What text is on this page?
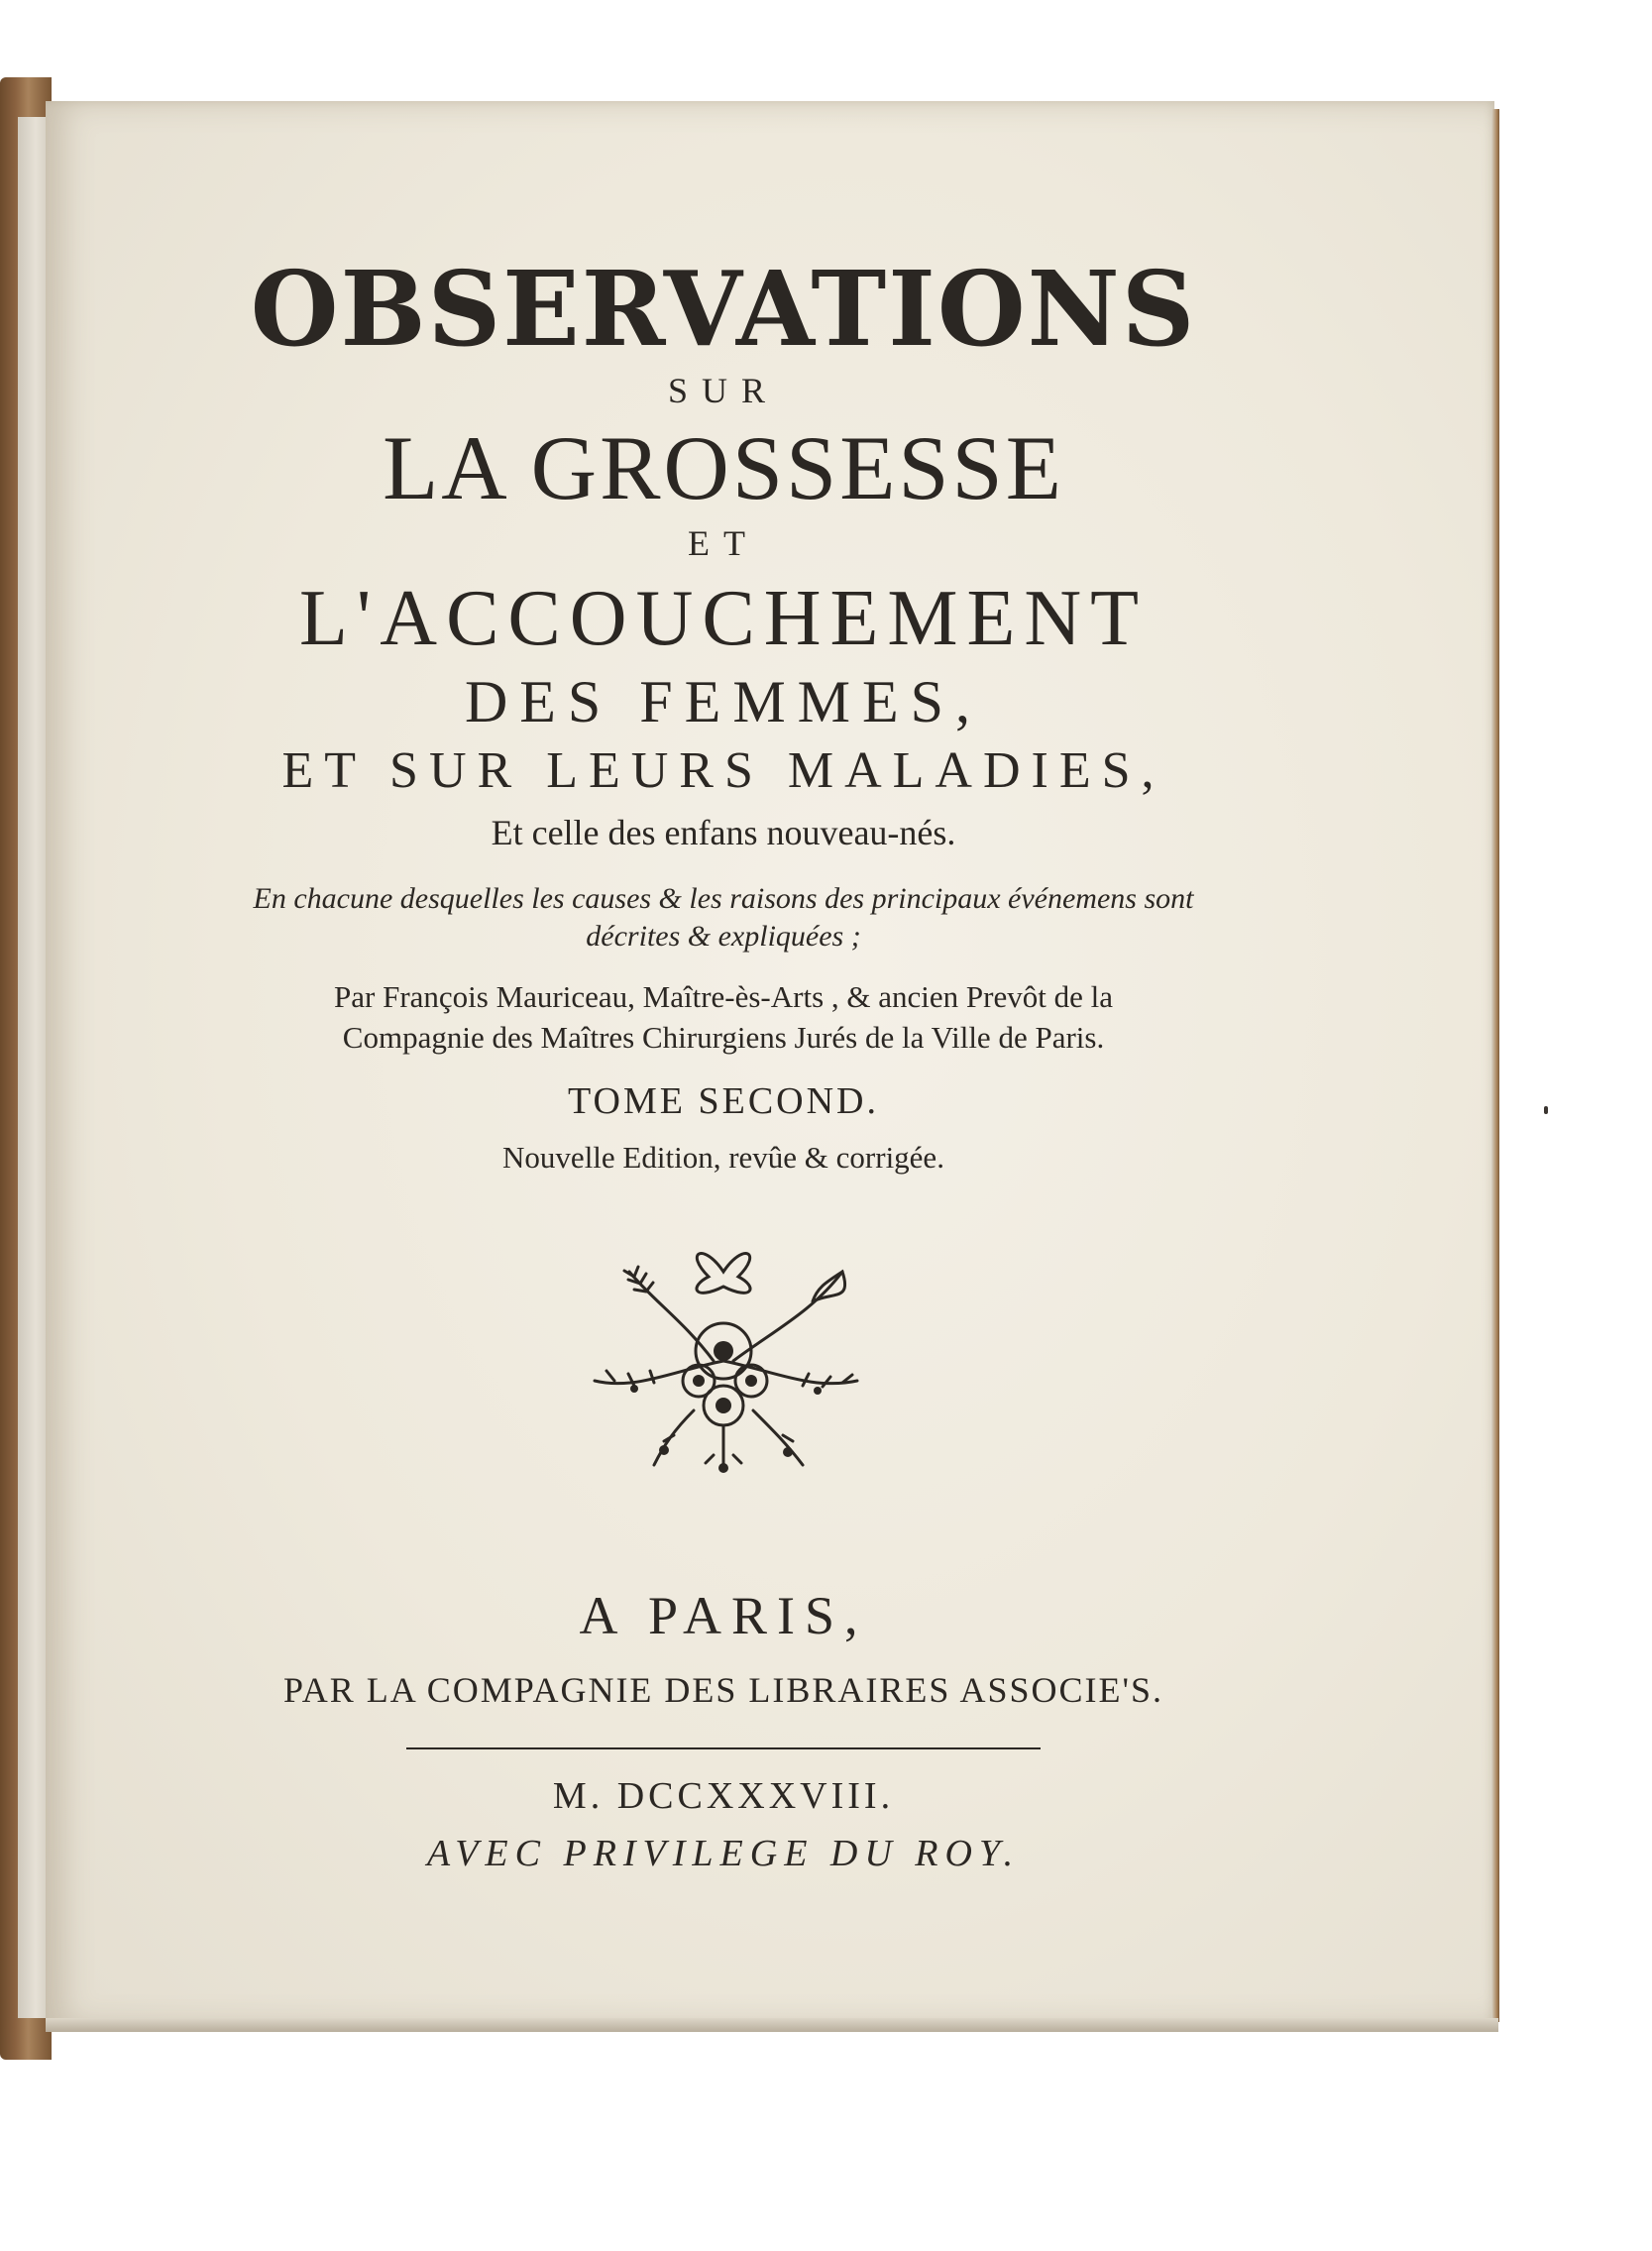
OBSERVATIONS
SUR
LA GROSSESSE
ET
L'ACCOUCHEMENT
DES FEMMES,
ET SUR LEURS MALADIES,
Et celle des enfans nouveau-nés.
En chacune desquelles les causes & les raisons des principaux événemens sont
décrites & expliquées ;
Par François Mauriceau, Maître-ès-Arts , & ancien Prevôt de la
Compagnie des Maîtres Chirurgiens Jurés de la Ville de Paris.
TOME SECOND.
Nouvelle Edition, revûe & corrigée.
A PARIS,
PAR LA COMPAGNIE DES LIBRAIRES ASSOCIE'S.
M. DCCXXXVIII.
AVEC PRIVILEGE DU ROY.
